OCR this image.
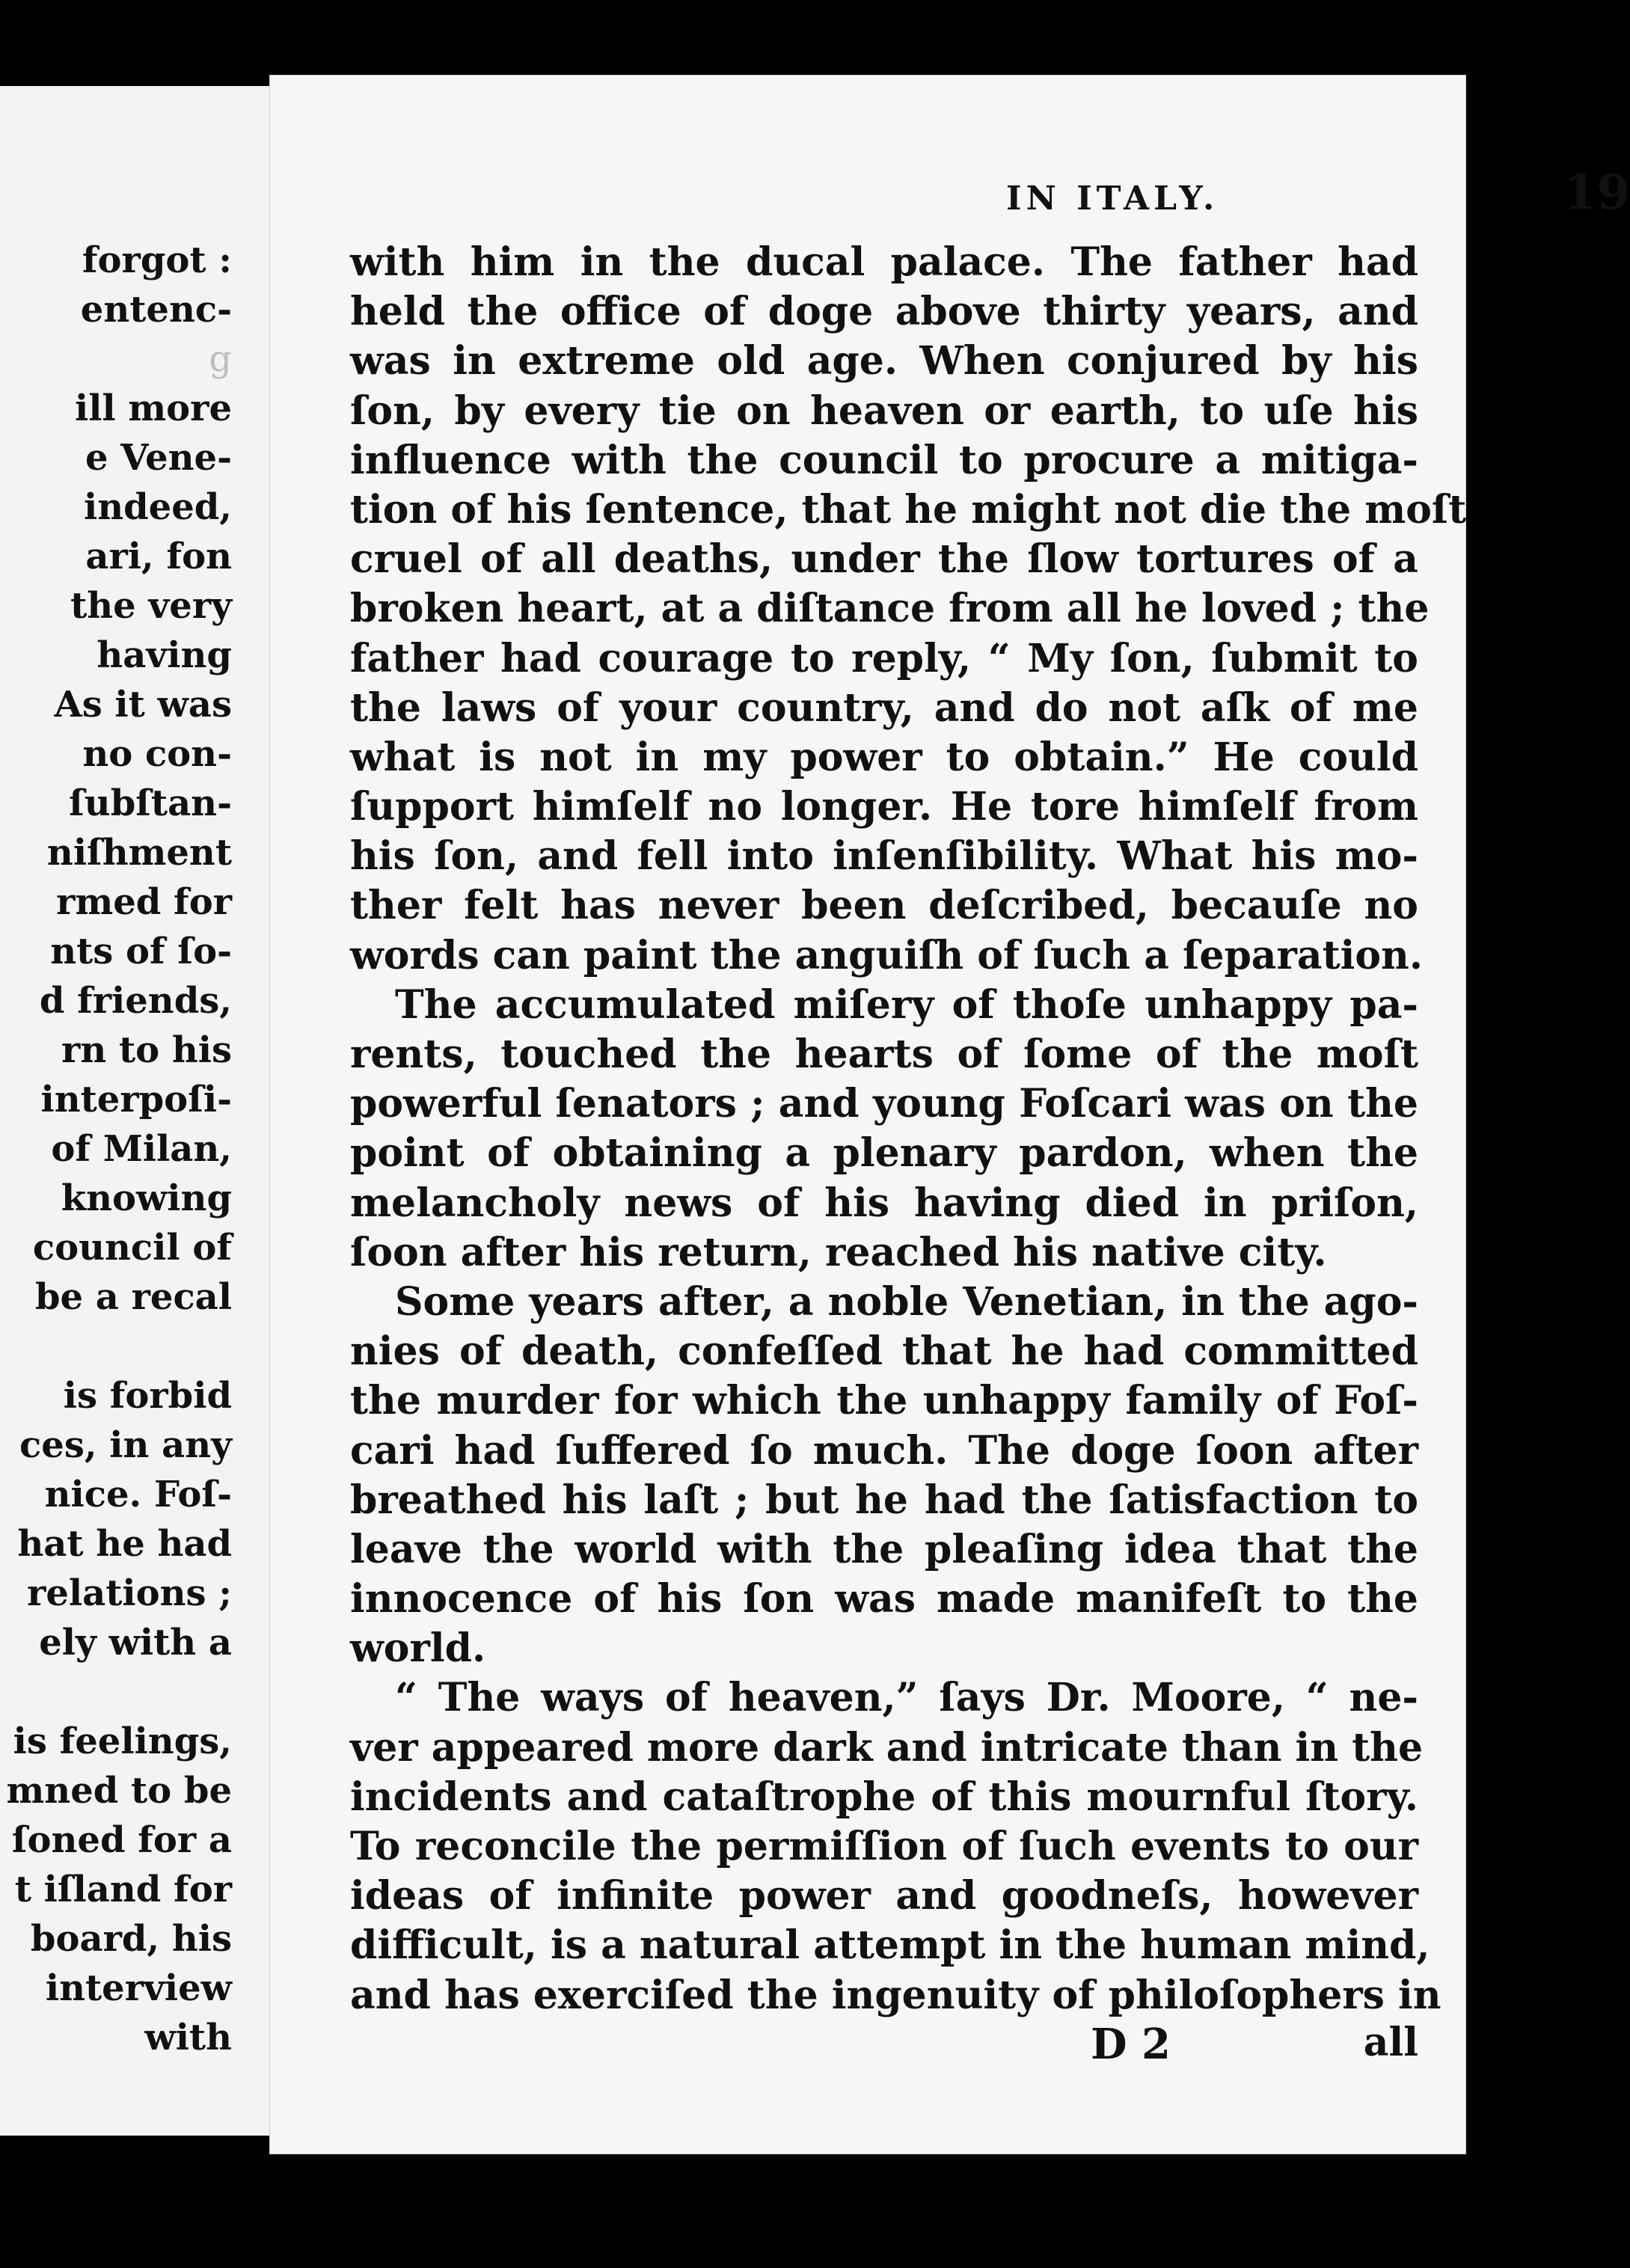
forgot :
entenc-
g
ill more
e Vene-
indeed,
ari, fon
the very
having
As it was
no con-
ſubſtan-
niſhment
rmed for
nts of ſo-
d friends,
rn to his
interpoſi-
of Milan,
knowing
council of
be a recal

is forbid
ces, in any
nice. Foſ-
hat he had
relations ;
ely with a

is feelings,
mned to be
ſoned for a
t iſland for
board, his
interview
with
IN ITALY.	19
with him in the ducal palace. The father had
held the office of doge above thirty years, and
was in extreme old age. When conjured by his
ſon, by every tie on heaven or earth, to uſe his
influence with the council to procure a mitiga-
tion of his ſentence, that he might not die the moſt
cruel of all deaths, under the ſlow tortures of a
broken heart, at a diſtance from all he loved ; the
father had courage to reply, “ My ſon, ſubmit to
the laws of your country, and do not aſk of me
what is not in my power to obtain.” He could
ſupport himſelf no longer. He tore himſelf from
his ſon, and fell into inſenſibility. What his mo-
ther felt has never been deſcribed, becauſe no
words can paint the anguiſh of ſuch a ſeparation.
The accumulated miſery of thoſe unhappy pa-
rents, touched the hearts of ſome of the moſt
powerful ſenators ; and young Foſcari was on the
point of obtaining a plenary pardon, when the
melancholy news of his having died in priſon,
ſoon after his return, reached his native city.
Some years after, a noble Venetian, in the ago-
nies of death, confeſſed that he had committed
the murder for which the unhappy family of Foſ-
cari had ſuffered ſo much. The doge ſoon after
breathed his laſt ; but he had the ſatisfaction to
leave the world with the pleaſing idea that the
innocence of his ſon was made manifeſt to the
world.
“ The ways of heaven,” ſays Dr. Moore, “ ne-
ver appeared more dark and intricate than in the
incidents and cataſtrophe of this mournful ſtory.
To reconcile the permiſſion of ſuch events to our
ideas of infinite power and goodneſs, however
difficult, is a natural attempt in the human mind,
and has exerciſed the ingenuity of philoſophers in
D 2	all
